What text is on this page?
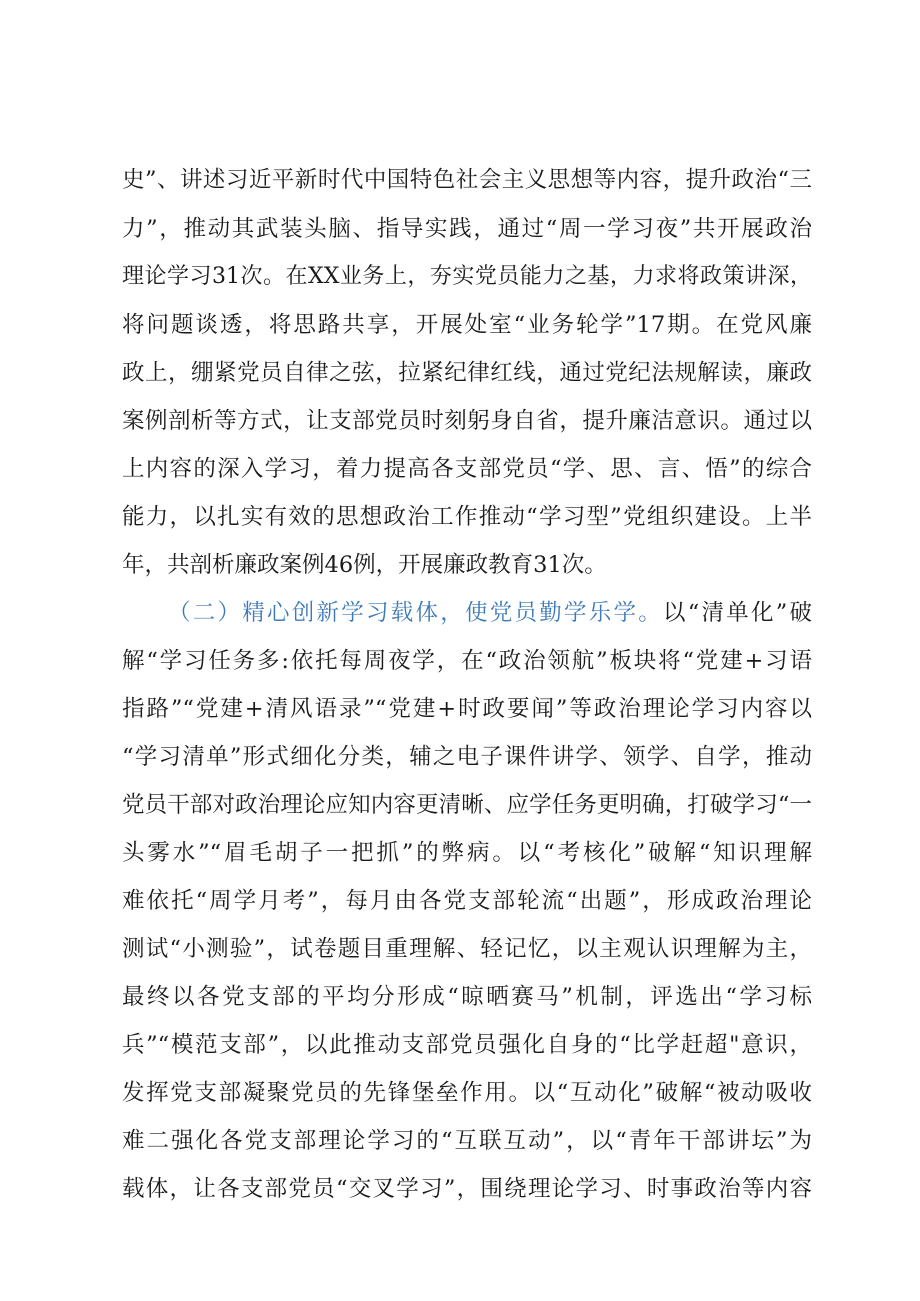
史”、讲述习近平新时代中国特色社会主义思想等内容，提升政治“三
力”，推动其武装头脑、指导实践，通过“周一学习夜”共开展政治
理论学习31次。在XX业务上，夯实党员能力之基，力求将政策讲深，
将问题谈透，将思路共享，开展处室“业务轮学”17期。在党风廉
政上，绷紧党员自律之弦，拉紧纪律红线，通过党纪法规解读，廉政
案例剖析等方式，让支部党员时刻躬身自省，提升廉洁意识。通过以
上内容的深入学习，着力提高各支部党员“学、思、言、悟”的综合
能力，以扎实有效的思想政治工作推动“学习型”党组织建设。上半
年，共剖析廉政案例46例，开展廉政教育31次。
（二）精心创新学习载体，使党员勤学乐学。以“清单化”破
解“学习任务多:依托每周夜学，在“政治领航”板块将“党建+习语
指路”“党建+清风语录”“党建+时政要闻”等政治理论学习内容以
“学习清单”形式细化分类，辅之电子课件讲学、领学、自学，推动
党员干部对政治理论应知内容更清晰、应学任务更明确，打破学习“一
头雾水”“眉毛胡子一把抓”的弊病。以“考核化”破解“知识理解
难依托“周学月考”，每月由各党支部轮流“出题”，形成政治理论
测试“小测验”，试卷题目重理解、轻记忆，以主观认识理解为主，
最终以各党支部的平均分形成“晾晒赛马”机制，评选出“学习标
兵”“模范支部”，以此推动支部党员强化自身的“比学赶超"意识，
发挥党支部凝聚党员的先锋堡垒作用。以“互动化”破解“被动吸收
难二强化各党支部理论学习的“互联互动”，以“青年干部讲坛”为
载体，让各支部党员“交叉学习”，围绕理论学习、时事政治等内容
